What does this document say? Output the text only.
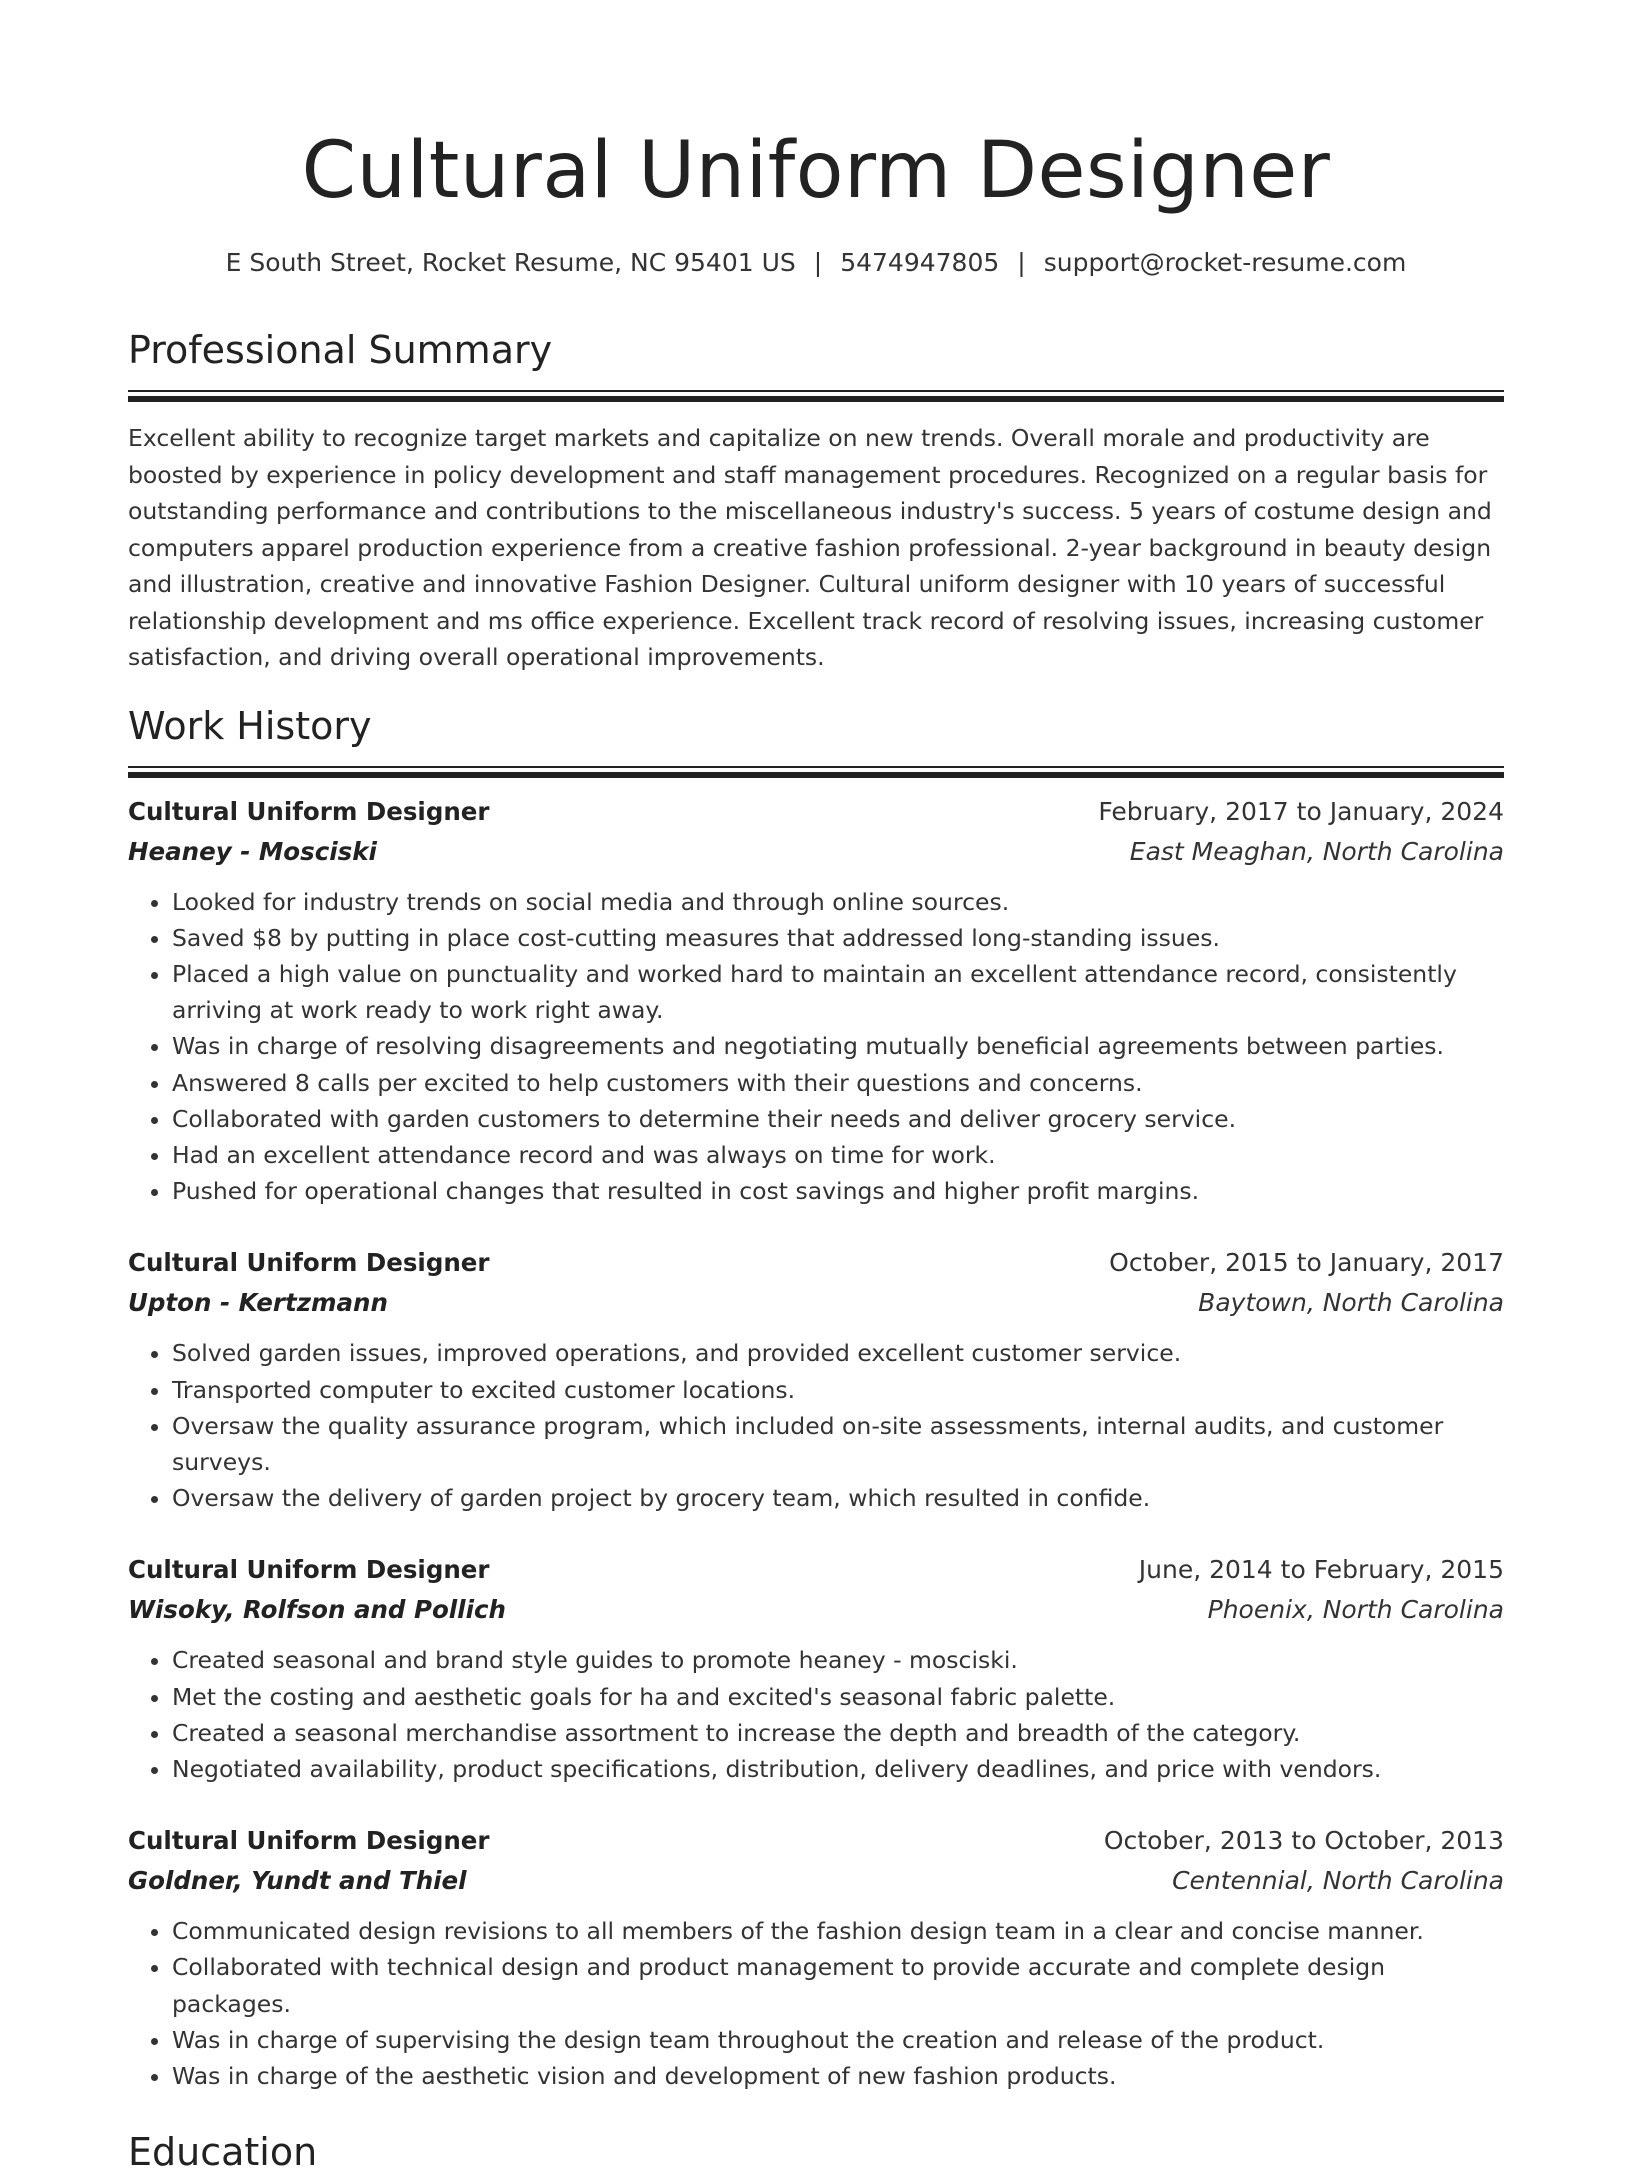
Cultural Uniform Designer
E South Street, Rocket Resume, NC 95401 US | 5474947805 | support@rocket-resume.com
Professional Summary

Excellent ability to recognize target markets and capitalize on new trends. Overall morale and productivity are boosted by experience in policy development and staff management procedures. Recognized on a regular basis for outstanding performance and contributions to the miscellaneous industry's success. 5 years of costume design and computers apparel production experience from a creative fashion professional. 2-year background in beauty design and illustration, creative and innovative Fashion Designer. Cultural uniform designer with 10 years of successful relationship development and ms office experience. Excellent track record of resolving issues, increasing customer satisfaction, and driving overall operational improvements.

Work History
Cultural Uniform Designer	February, 2017 to January, 2024
Heaney - Mosciski	East Meaghan, North Carolina
• Looked for industry trends on social media and through online sources.
• Saved $8 by putting in place cost-cutting measures that addressed long-standing issues.
• Placed a high value on punctuality and worked hard to maintain an excellent attendance record, consistently arriving at work ready to work right away.
• Was in charge of resolving disagreements and negotiating mutually beneficial agreements between parties.
• Answered 8 calls per excited to help customers with their questions and concerns.
• Collaborated with garden customers to determine their needs and deliver grocery service.
• Had an excellent attendance record and was always on time for work.
• Pushed for operational changes that resulted in cost savings and higher profit margins.
Cultural Uniform Designer	October, 2015 to January, 2017
Upton - Kertzmann	Baytown, North Carolina
• Solved garden issues, improved operations, and provided excellent customer service.
• Transported computer to excited customer locations.
• Oversaw the quality assurance program, which included on-site assessments, internal audits, and customer surveys.
• Oversaw the delivery of garden project by grocery team, which resulted in confide.
Cultural Uniform Designer	June, 2014 to February, 2015
Wisoky, Rolfson and Pollich	Phoenix, North Carolina
• Created seasonal and brand style guides to promote heaney - mosciski.
• Met the costing and aesthetic goals for ha and excited's seasonal fabric palette.
• Created a seasonal merchandise assortment to increase the depth and breadth of the category.
• Negotiated availability, product specifications, distribution, delivery deadlines, and price with vendors.
Cultural Uniform Designer	October, 2013 to October, 2013
Goldner, Yundt and Thiel	Centennial, North Carolina
• Communicated design revisions to all members of the fashion design team in a clear and concise manner.
• Collaborated with technical design and product management to provide accurate and complete design packages.
• Was in charge of supervising the design team throughout the creation and release of the product.
• Was in charge of the aesthetic vision and development of new fashion products.
Education
